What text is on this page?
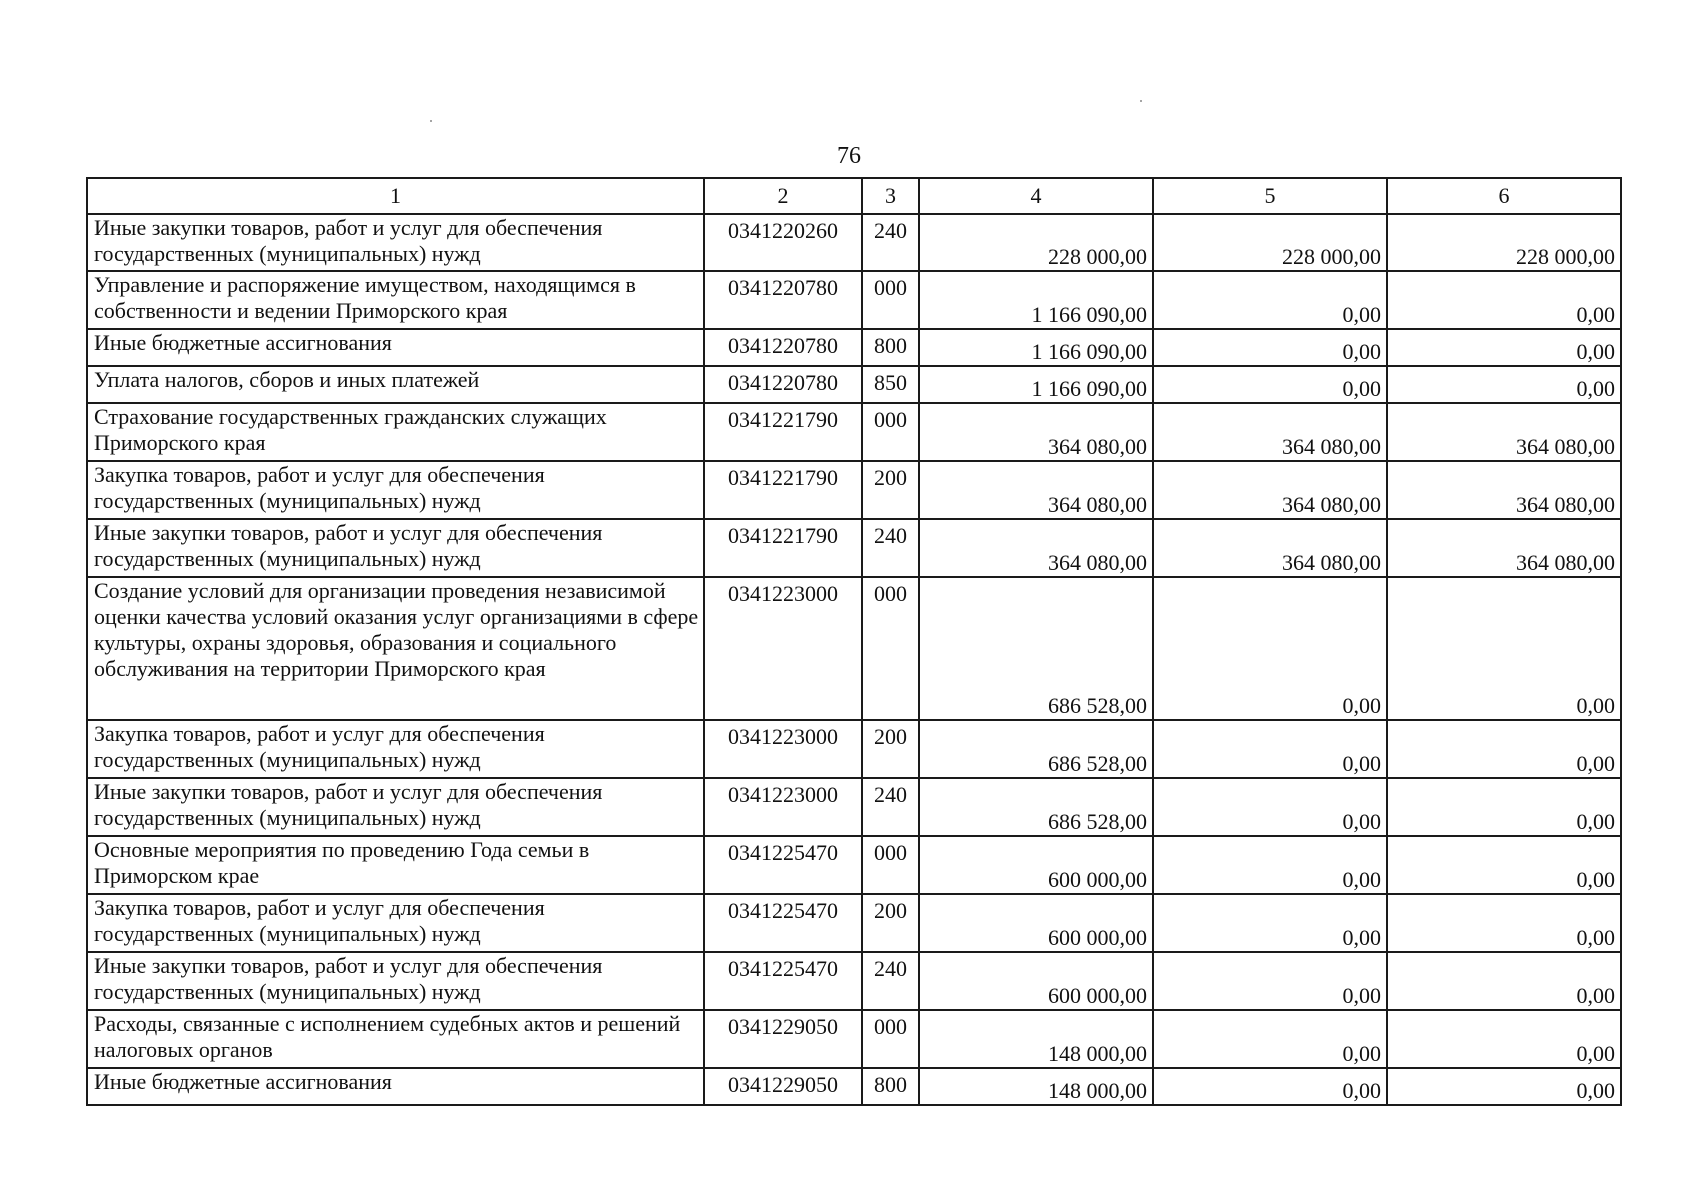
76
1	2	3	4	5	6
Иные закупки товаров, работ и услуг для обеспечения государственных (муниципальных) нужд	0341220260	240	228 000,00	228 000,00	228 000,00
Управление и распоряжение имуществом, находящимся в собственности и ведении Приморского края	0341220780	000	1 166 090,00	0,00	0,00
Иные бюджетные ассигнования	0341220780	800	1 166 090,00	0,00	0,00
Уплата налогов, сборов и иных платежей	0341220780	850	1 166 090,00	0,00	0,00
Страхование государственных гражданских служащих Приморского края	0341221790	000	364 080,00	364 080,00	364 080,00
Закупка товаров, работ и услуг для обеспечения государственных (муниципальных) нужд	0341221790	200	364 080,00	364 080,00	364 080,00
Иные закупки товаров, работ и услуг для обеспечения государственных (муниципальных) нужд	0341221790	240	364 080,00	364 080,00	364 080,00
Создание условий для организации проведения независимой оценки качества условий оказания услуг организациями в сфере культуры, охраны здоровья, образования и социального обслуживания на территории Приморского края	0341223000	000	686 528,00	0,00	0,00
Закупка товаров, работ и услуг для обеспечения государственных (муниципальных) нужд	0341223000	200	686 528,00	0,00	0,00
Иные закупки товаров, работ и услуг для обеспечения государственных (муниципальных) нужд	0341223000	240	686 528,00	0,00	0,00
Основные мероприятия по проведению Года семьи в Приморском крае	0341225470	000	600 000,00	0,00	0,00
Закупка товаров, работ и услуг для обеспечения государственных (муниципальных) нужд	0341225470	200	600 000,00	0,00	0,00
Иные закупки товаров, работ и услуг для обеспечения государственных (муниципальных) нужд	0341225470	240	600 000,00	0,00	0,00
Расходы, связанные с исполнением судебных актов и решений налоговых органов	0341229050	000	148 000,00	0,00	0,00
Иные бюджетные ассигнования	0341229050	800	148 000,00	0,00	0,00
